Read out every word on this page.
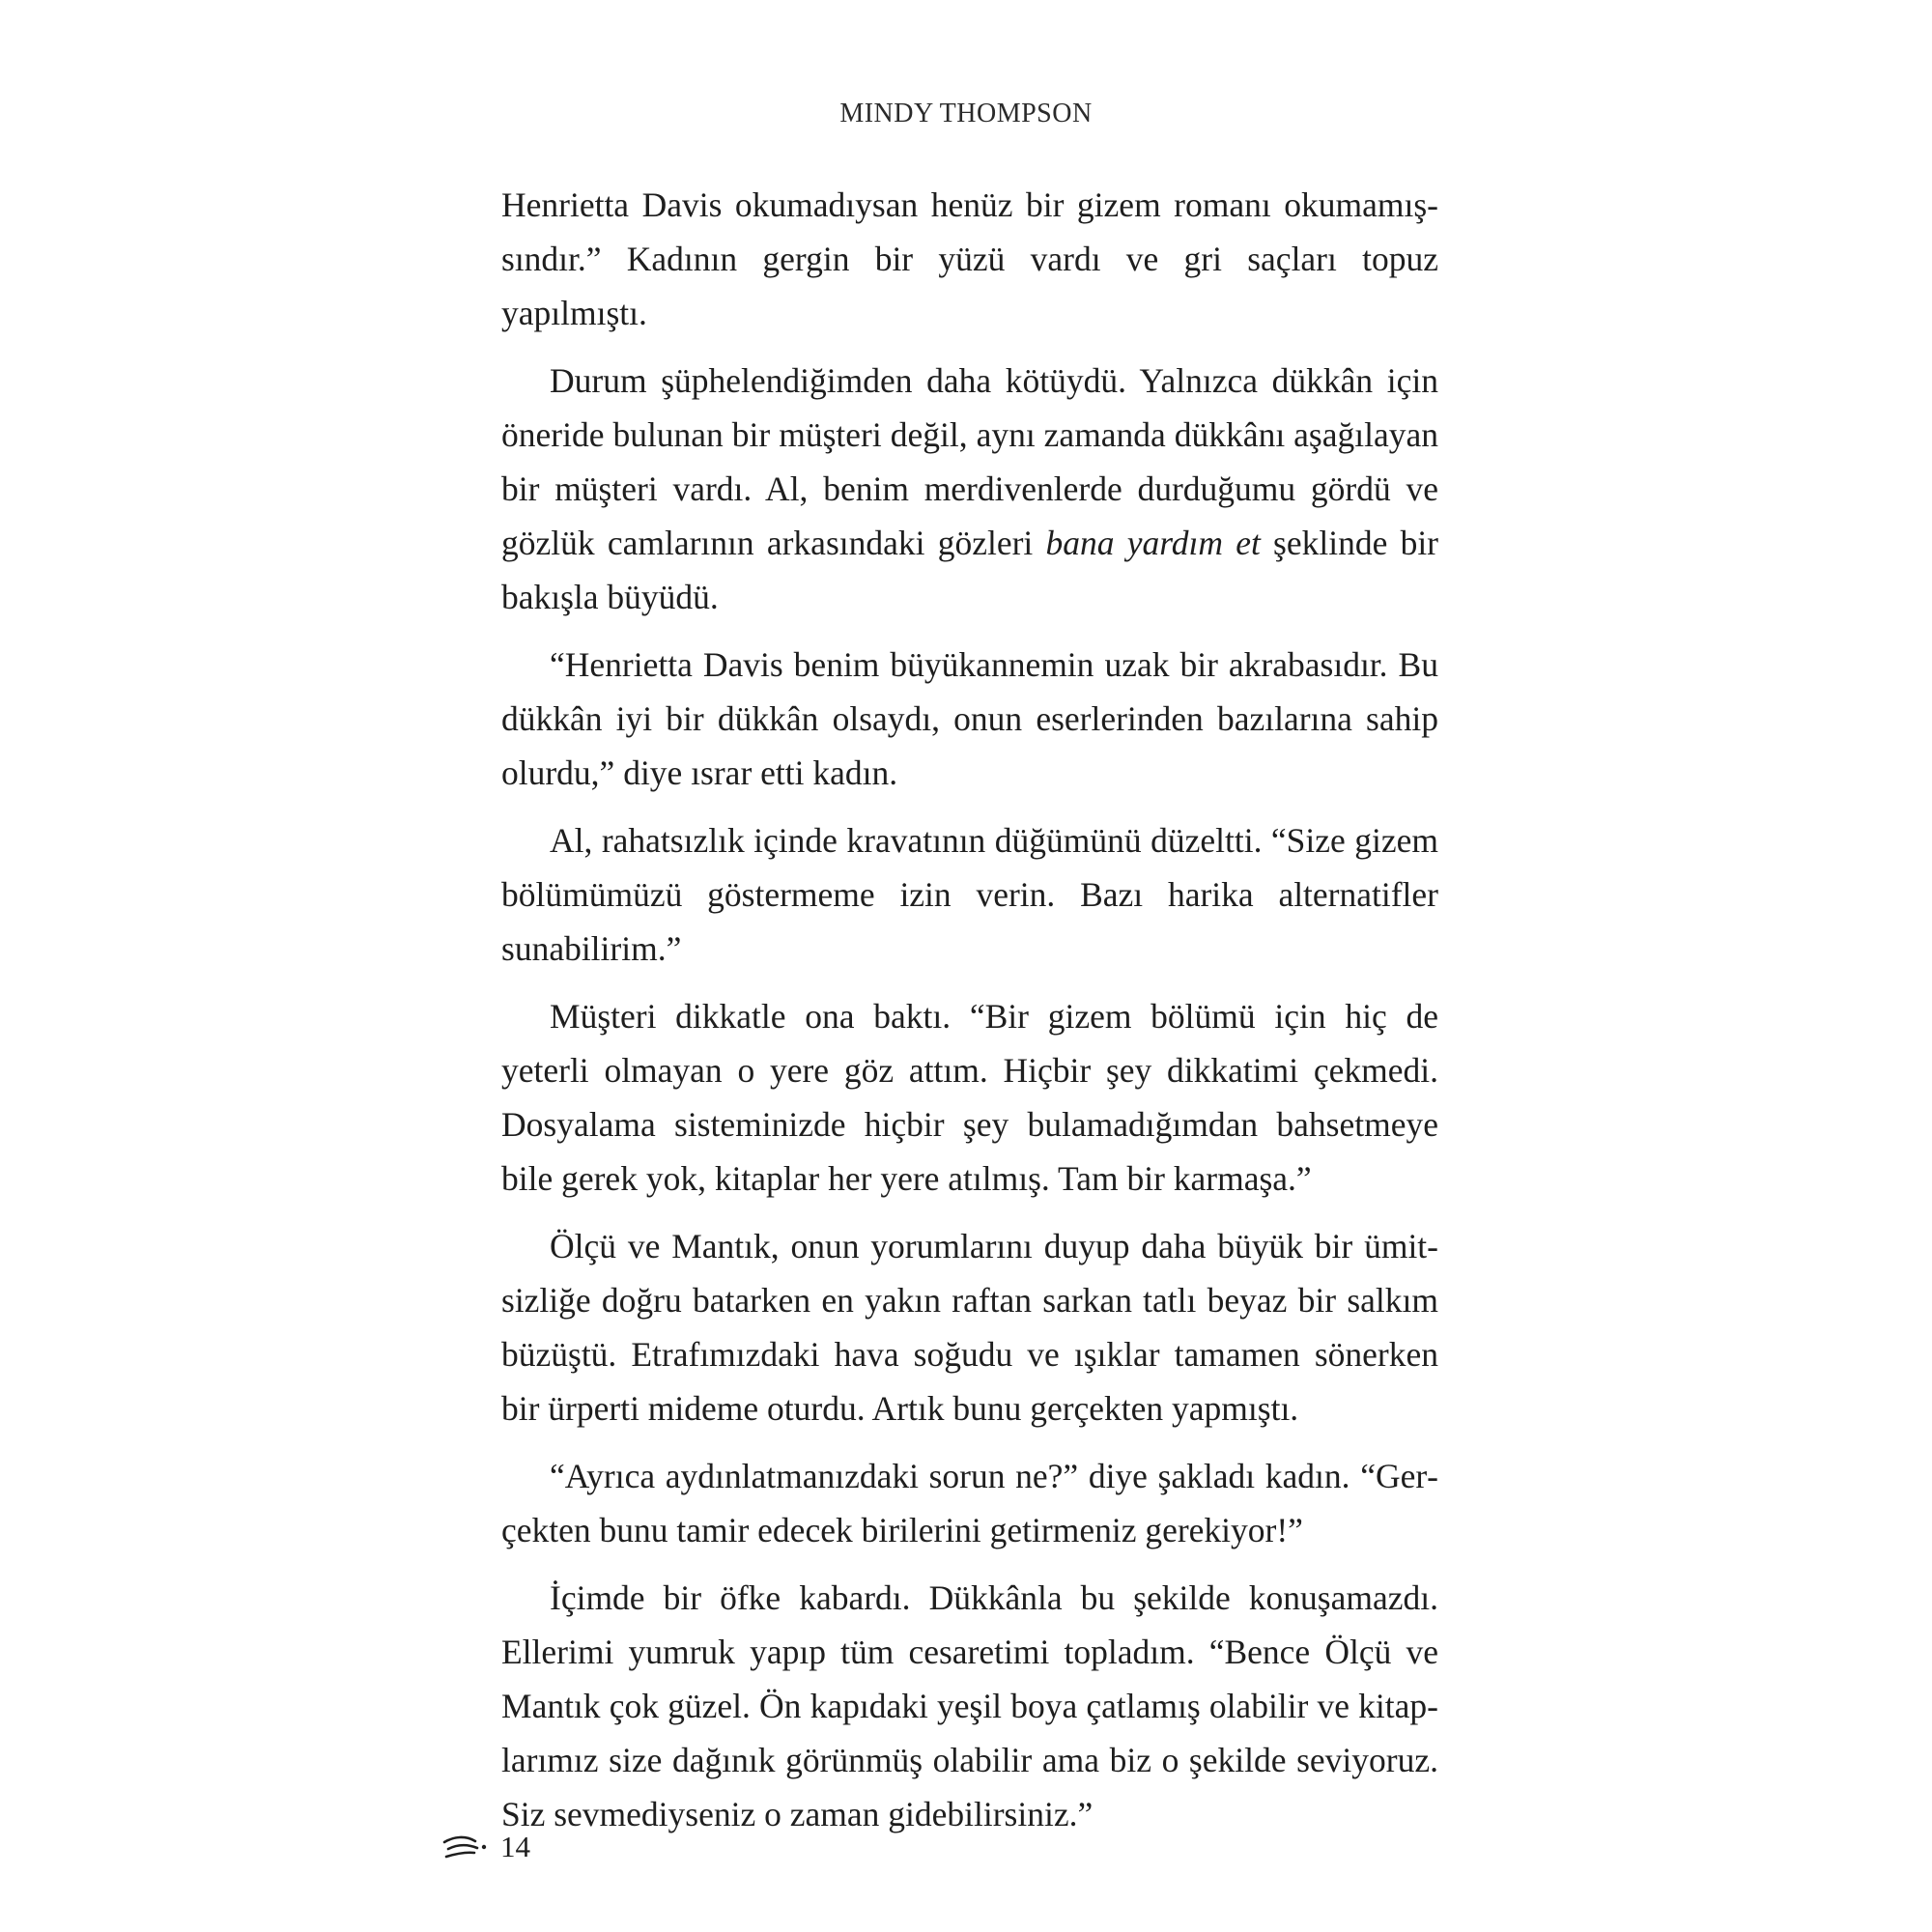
MINDY THOMPSON

Henrietta Davis okumadıysan henüz bir gizem romanı okumamışsındır.” Kadının gergin bir yüzü vardı ve gri saçları topuz yapılmıştı.

Durum şüphelendiğimden daha kötüydü. Yalnızca dükkân için öneride bulunan bir müşteri değil, aynı zamanda dükkânı aşağılayan bir müşteri vardı. Al, benim merdivenlerde durduğumu gördü ve gözlük camlarının arkasındaki gözleri bana yardım et şeklinde bir bakışla büyüdü.

“Henrietta Davis benim büyükannemin uzak bir akrabasıdır. Bu dükkân iyi bir dükkân olsaydı, onun eserlerinden bazılarına sahip olurdu,” diye ısrar etti kadın.

Al, rahatsızlık içinde kravatının düğümünü düzeltti. “Size gizem bölümümüzü göstermeme izin verin. Bazı harika alternatifler sunabilirim.”

Müşteri dikkatle ona baktı. “Bir gizem bölümü için hiç de yeterli olmayan o yere göz attım. Hiçbir şey dikkatimi çekmedi. Dosyalama sisteminizde hiçbir şey bulamadığımdan bahsetmeye bile gerek yok, kitaplar her yere atılmış. Tam bir karmaşa.”

Ölçü ve Mantık, onun yorumlarını duyup daha büyük bir ümitsizliğe doğru batarken en yakın raftan sarkan tatlı beyaz bir salkım büzüştü. Etrafımızdaki hava soğudu ve ışıklar tamamen sönerken bir ürperti mideme oturdu. Artık bunu gerçekten yapmıştı.

“Ayrıca aydınlatmanızdaki sorun ne?” diye şakladı kadın. “Gerçekten bunu tamir edecek birilerini getirmeniz gerekiyor!”

İçimde bir öfke kabardı. Dükkânla bu şekilde konuşamazdı. Ellerimi yumruk yapıp tüm cesaretimi topladım. “Bence Ölçü ve Mantık çok güzel. Ön kapıdaki yeşil boya çatlamış olabilir ve kitaplarımız size dağınık görünmüş olabilir ama biz o şekilde seviyoruz. Siz sevmediyseniz o zaman gidebilirsiniz.”

14
